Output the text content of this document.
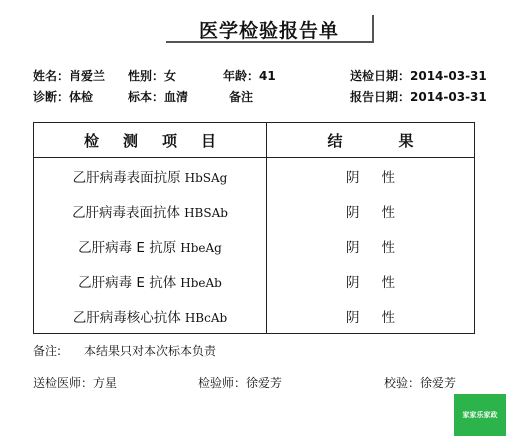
医学检验报告单
姓名：肖爱兰 性别：女	年龄：41	送检日期：2014-03-31
诊断：体检	标本：血清	备注	报告日期：2014-03-31
检 测 项 目	结 果
乙肝病毒表面抗原 HbSAg	阴 性
乙肝病毒表面抗体 HBSAb	阴 性
乙肝病毒 E 抗原 HbeAg	阴 性
乙肝病毒 E 抗体 HbeAb	阴 性
乙肝病毒核心抗体 HBcAb	阴 性
备注: 本结果只对本次标本负责
送检医师：方星	检验师：徐爱芳	校验：徐爱芳
家家乐家政
